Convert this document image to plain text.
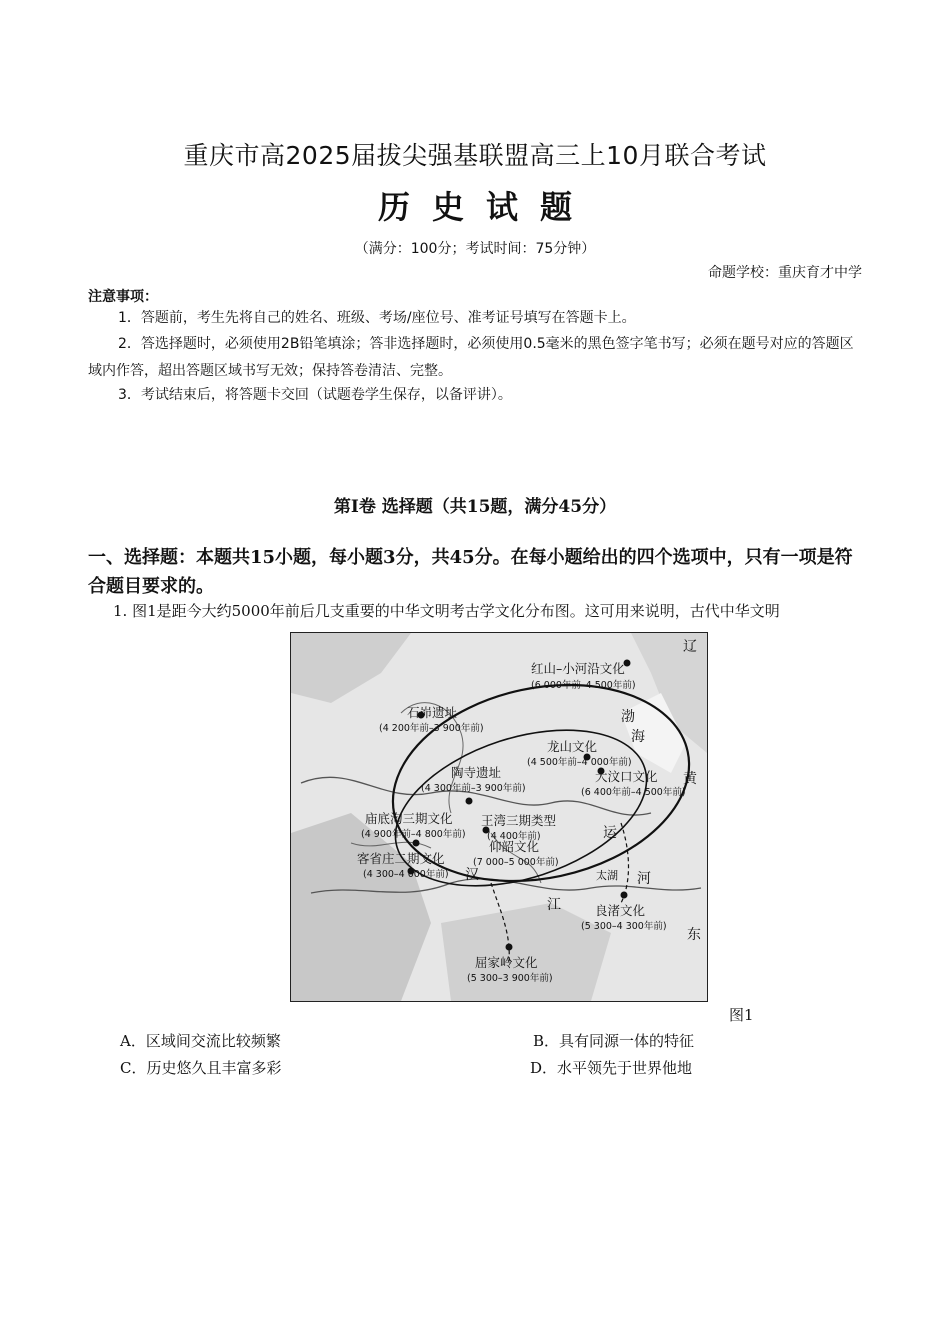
重庆市高2025届拔尖强基联盟高三上10月联合考试
历史试题
（满分：100分；考试时间：75分钟）
命题学校：重庆育才中学
注意事项：
1．答题前，考生先将自己的姓名、班级、考场/座位号、准考证号填写在答题卡上。
2．答选择题时，必须使用2B铅笔填涂；答非选择题时，必须使用0.5毫米的黑色签字笔书写；必须在题号对应的答题区域内作答，超出答题区域书写无效；保持答卷清洁、完整。
3．考试结束后，将答题卡交回（试题卷学生保存，以备评讲）。
第Ⅰ卷 选择题（共15题，满分45分）
一、选择题：本题共15小题，每小题3分，共45分。在每小题给出的四个选项中，只有一项是符合题目要求的。
1. 图1是距今大约5000年前后几支重要的中华文明考古学文化分布图。这可用来说明，古代中华文明
红山–小河沿文化
(6 000年前–4 500年前)
石峁遗址
(4 200年前–3 900年前)
龙山文化
(4 500年前–4 000年前)
大汶口文化
(6 400年前–4 500年前)
陶寺遗址
(4 300年前–3 900年前)
庙底沟三期文化
(4 900年前–4 800年前)
王湾三期类型
(4 400年前)
仰韶文化
(7 000–5 000年前)
客省庄二期文化
(4 300–4 000年前)
良渚文化
(5 300–4 300年前)
屈家岭文化
(5 300–3 900年前)
辽
渤
海
黄
运
河
汉
江
东
太湖
图1
A．区域间交流比较频繁	B．具有同源一体的特征
C．历史悠久且丰富多彩	D．水平领先于世界他地
